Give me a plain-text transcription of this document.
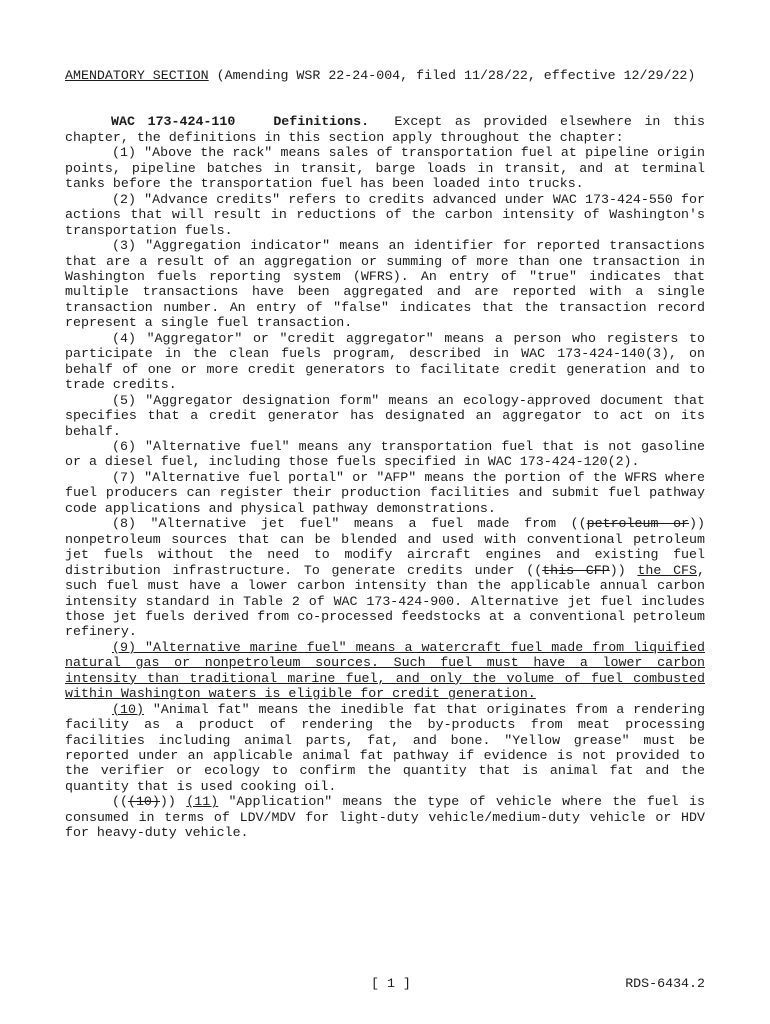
AMENDATORY SECTION (Amending WSR 22-24-004, filed 11/28/22, effective 12/29/22)

WAC 173-424-110	Definitions. Except as provided elsewhere in this chapter, the definitions in this section apply throughout the chapter:

(1) "Above the rack" means sales of transportation fuel at pipeline origin points, pipeline batches in transit, barge loads in transit, and at terminal tanks before the transportation fuel has been loaded into trucks.

(2) "Advance credits" refers to credits advanced under WAC 173-424-550 for actions that will result in reductions of the carbon intensity of Washington's transportation fuels.

(3) "Aggregation indicator" means an identifier for reported transactions that are a result of an aggregation or summing of more than one transaction in Washington fuels reporting system (WFRS). An entry of "true" indicates that multiple transactions have been aggregated and are reported with a single transaction number. An entry of "false" indicates that the transaction record represent a single fuel transaction.

(4) "Aggregator" or "credit aggregator" means a person who registers to participate in the clean fuels program, described in WAC 173-424-140(3), on behalf of one or more credit generators to facilitate credit generation and to trade credits.

(5) "Aggregator designation form" means an ecology-approved document that specifies that a credit generator has designated an aggregator to act on its behalf.

(6) "Alternative fuel" means any transportation fuel that is not gasoline or a diesel fuel, including those fuels specified in WAC 173-424-120(2).

(7) "Alternative fuel portal" or "AFP" means the portion of the WFRS where fuel producers can register their production facilities and submit fuel pathway code applications and physical pathway demonstrations.

(8) "Alternative jet fuel" means a fuel made from ((petroleum or)) nonpetroleum sources that can be blended and used with conventional petroleum jet fuels without the need to modify aircraft engines and existing fuel distribution infrastructure. To generate credits under ((this CFP)) the CFS, such fuel must have a lower carbon intensity than the applicable annual carbon intensity standard in Table 2 of WAC 173-424-900. Alternative jet fuel includes those jet fuels derived from co-processed feedstocks at a conventional petroleum refinery.

(9) "Alternative marine fuel" means a watercraft fuel made from liquified natural gas or nonpetroleum sources. Such fuel must have a lower carbon intensity than traditional marine fuel, and only the volume of fuel combusted within Washington waters is eligible for credit generation.

(10) "Animal fat" means the inedible fat that originates from a rendering facility as a product of rendering the by-products from meat processing facilities including animal parts, fat, and bone. "Yellow grease" must be reported under an applicable animal fat pathway if evidence is not provided to the verifier or ecology to confirm the quantity that is animal fat and the quantity that is used cooking oil.

(((10))) (11) "Application" means the type of vehicle where the fuel is consumed in terms of LDV/MDV for light-duty vehicle/medium-duty vehicle or HDV for heavy-duty vehicle.

[ 1 ]	RDS-6434.2
